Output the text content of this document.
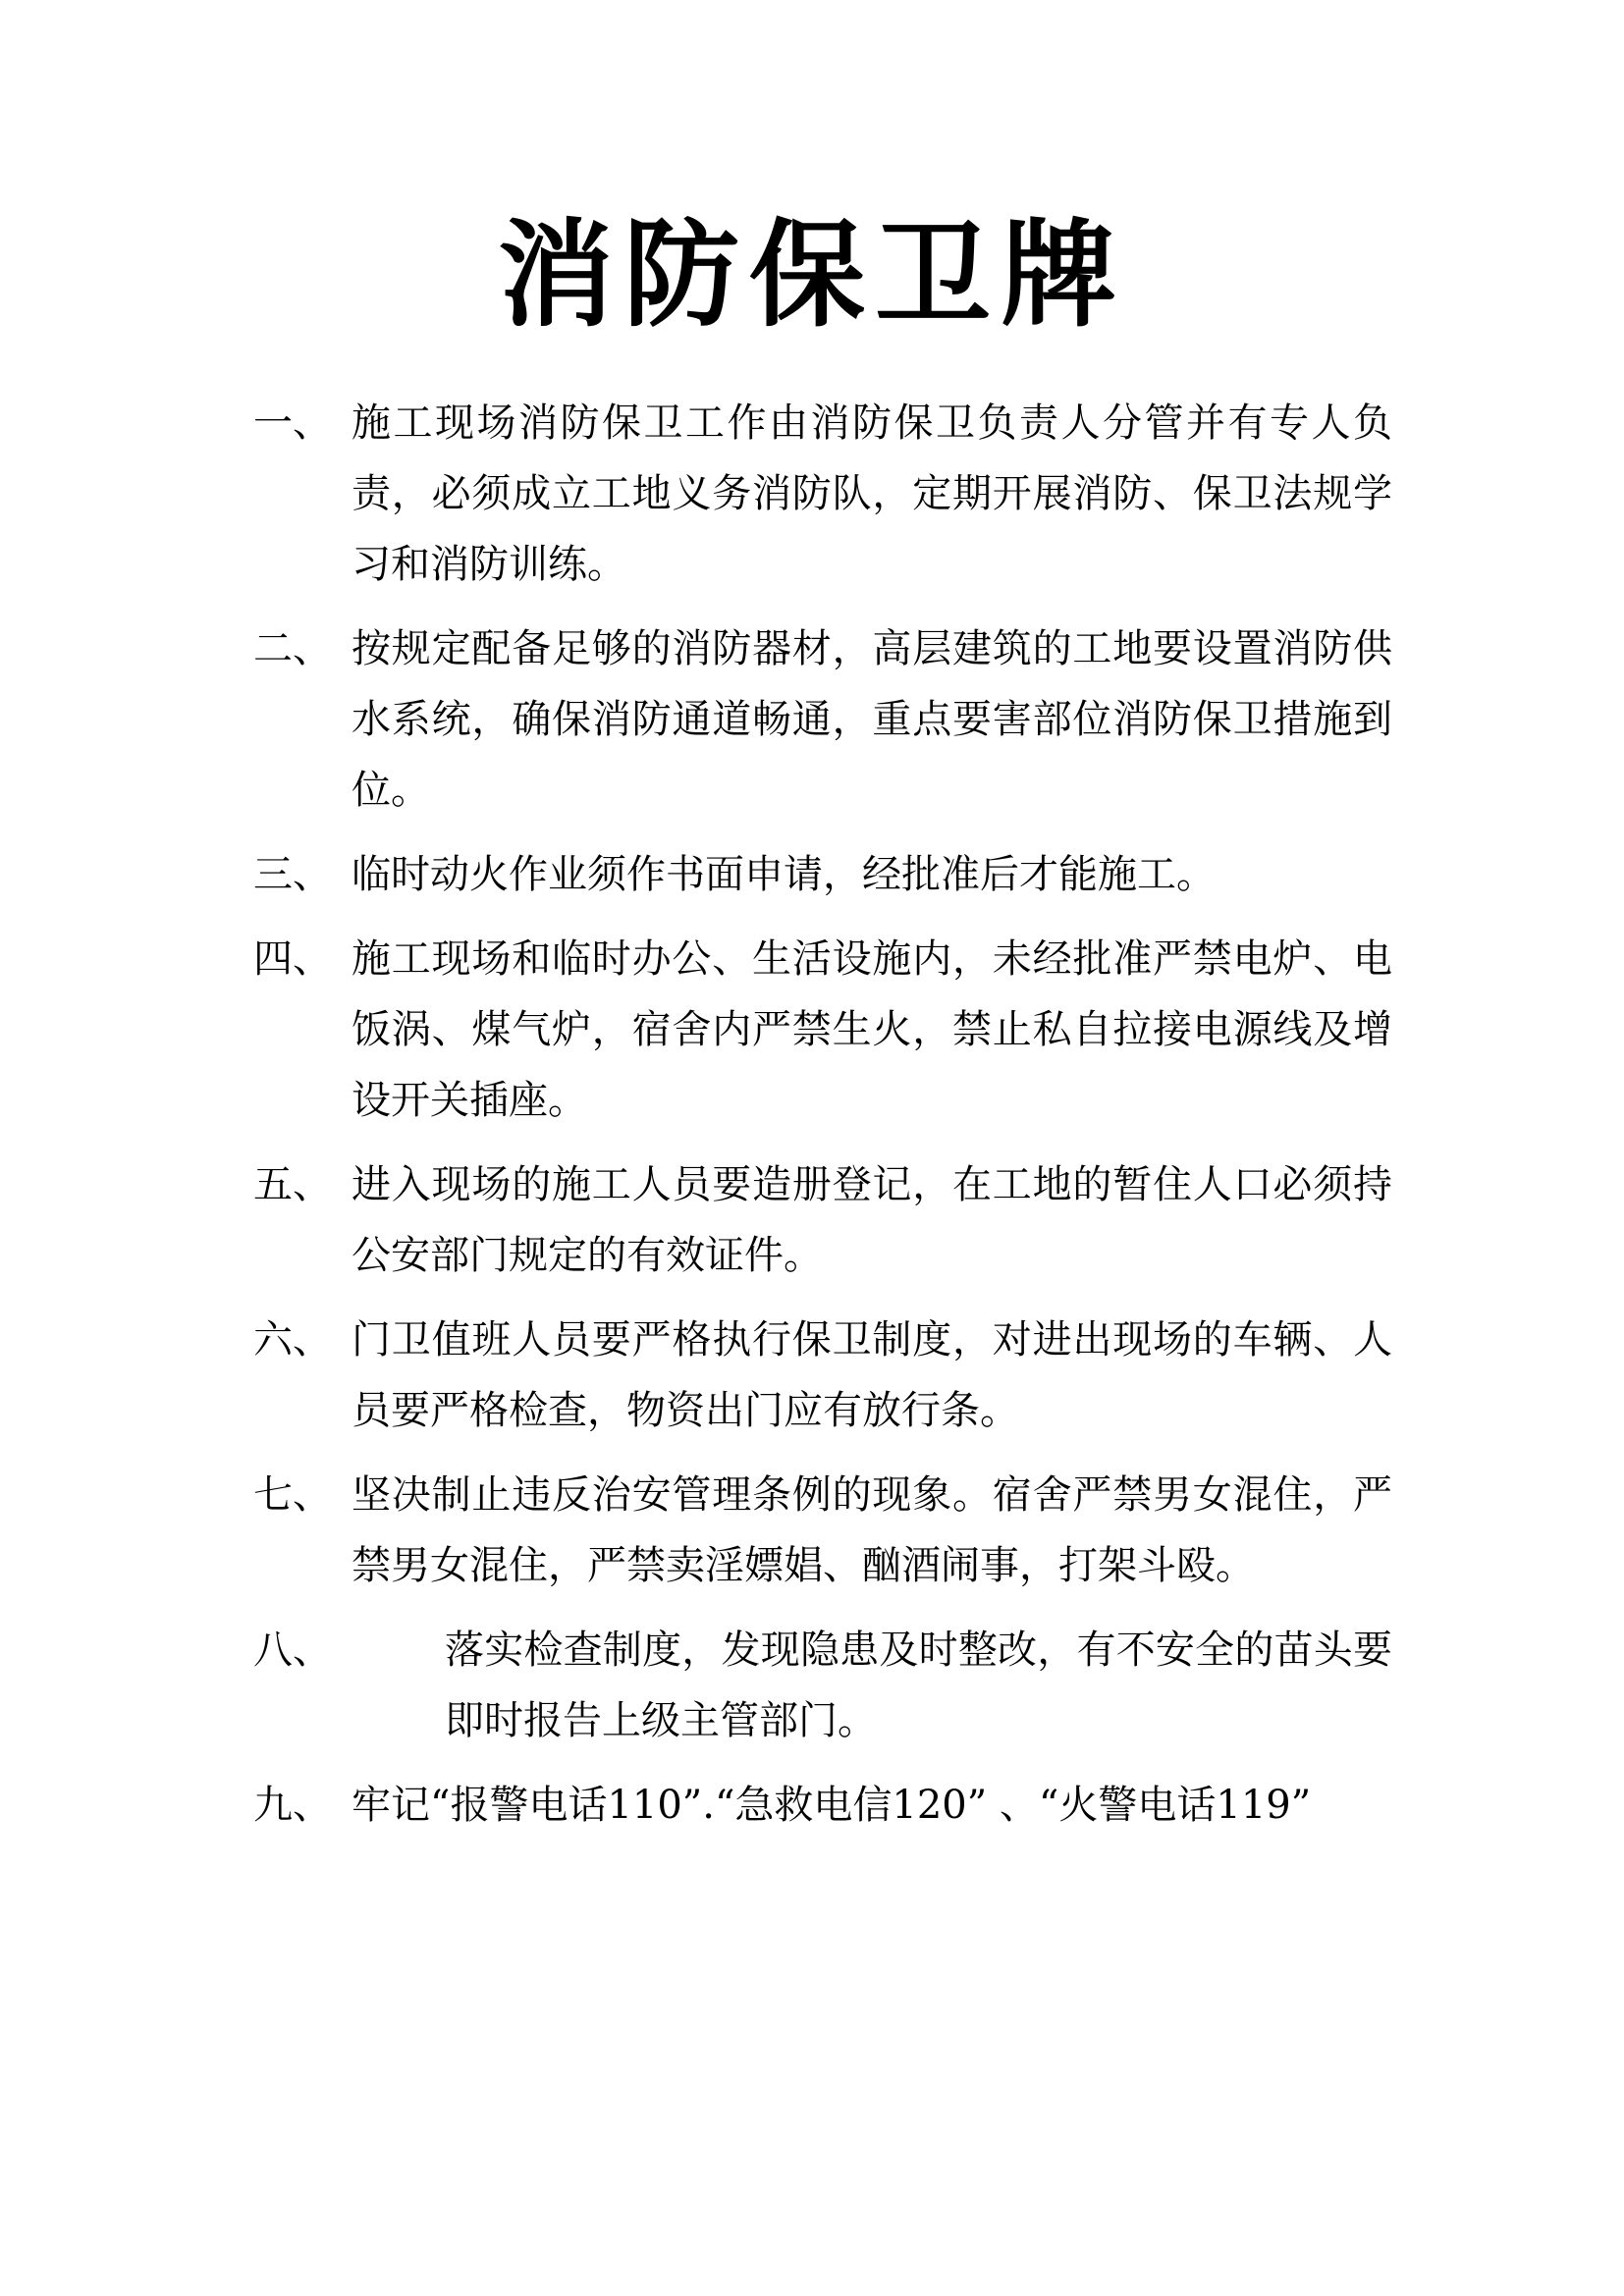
消防保卫牌
一、 施工现场消防保卫工作由消防保卫负责人分管并有专人负责，必须成立工地义务消防队，定期开展消防、保卫法规学习和消防训练。
二、 按规定配备足够的消防器材，高层建筑的工地要设置消防供水系统，确保消防通道畅通，重点要害部位消防保卫措施到位。
三、 临时动火作业须作书面申请，经批准后才能施工。
四、 施工现场和临时办公、生活设施内，未经批准严禁电炉、电饭涡、煤气炉，宿舍内严禁生火，禁止私自拉接电源线及增设开关插座。
五、 进入现场的施工人员要造册登记，在工地的暂住人口必须持公安部门规定的有效证件。
六、 门卫值班人员要严格执行保卫制度，对进出现场的车辆、人员要严格检查，物资出门应有放行条。
七、 坚决制止违反治安管理条例的现象。宿舍严禁男女混住，严禁男女混住，严禁卖淫嫖娼、酗酒闹事，打架斗殴。
八、	落实检查制度，发现隐患及时整改，有不安全的苗头要即时报告上级主管部门。
九、 牢记“报警电话110”.“急救电信120” 、“火警电话119”
